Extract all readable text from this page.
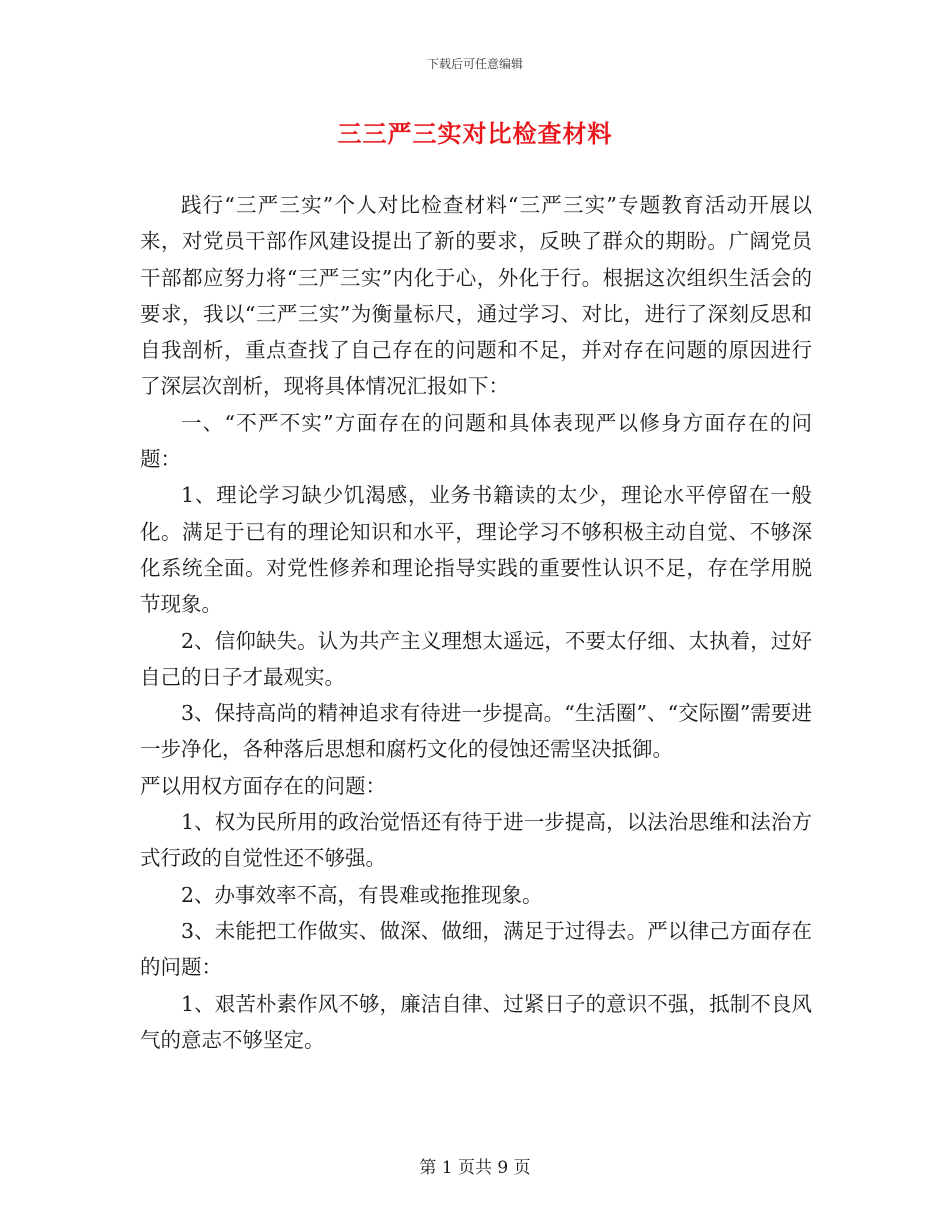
下载后可任意编辑
三三严三实对比检查材料

践行“三严三实”个人对比检查材料“三严三实”专题教育活动开展以来，对党员干部作风建设提出了新的要求，反映了群众的期盼。广阔党员干部都应努力将“三严三实”内化于心，外化于行。根据这次组织生活会的要求，我以“三严三实”为衡量标尺，通过学习、对比，进行了深刻反思和自我剖析，重点查找了自己存在的问题和不足，并对存在问题的原因进行了深层次剖析，现将具体情况汇报如下：

一、“不严不实”方面存在的问题和具体表现严以修身方面存在的问题：

1、理论学习缺少饥渴感，业务书籍读的太少，理论水平停留在一般化。满足于已有的理论知识和水平，理论学习不够积极主动自觉、不够深化系统全面。对党性修养和理论指导实践的重要性认识不足，存在学用脱节现象。

2、信仰缺失。认为共产主义理想太遥远，不要太仔细、太执着，过好自己的日子才最观实。

3、保持高尚的精神追求有待进一步提高。“生活圈”、“交际圈”需要进一步净化，各种落后思想和腐朽文化的侵蚀还需坚决抵御。

严以用权方面存在的问题：

1、权为民所用的政治觉悟还有待于进一步提高，以法治思维和法治方式行政的自觉性还不够强。

2、办事效率不高，有畏难或拖推现象。

3、未能把工作做实、做深、做细，满足于过得去。严以律己方面存在的问题：

1、艰苦朴素作风不够，廉洁自律、过紧日子的意识不强，抵制不良风气的意志不够坚定。

第 1 页共 9 页
